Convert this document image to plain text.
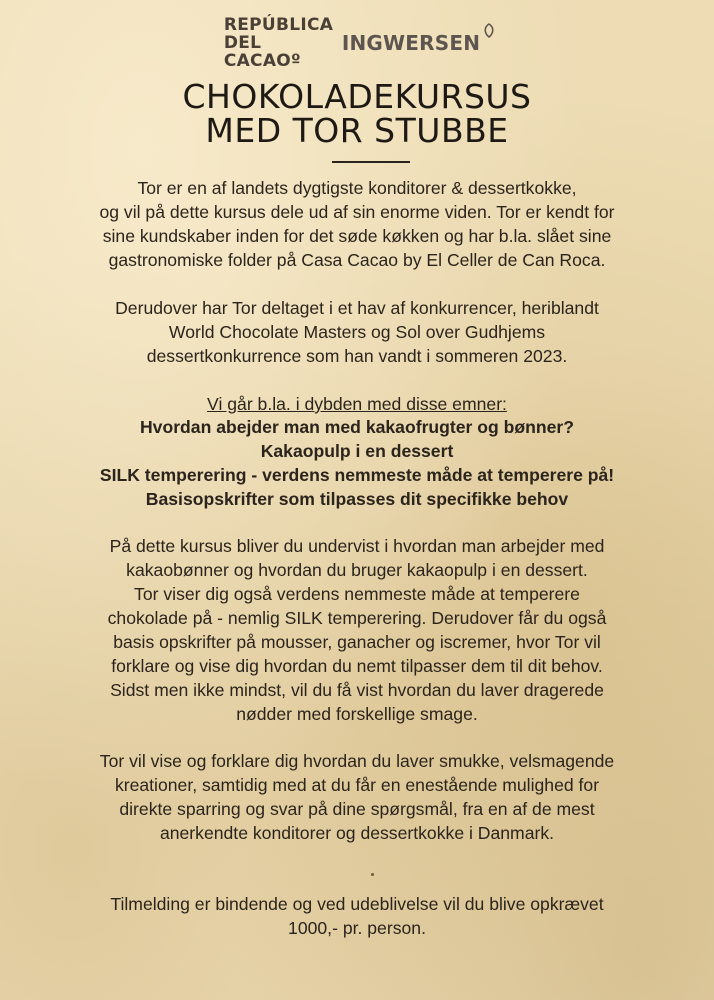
REPÚBLICA
DEL CACAOº
INGWERSEN
CHOKOLADEKURSUS
MED TOR STUBBE
Tor er en af landets dygtigste konditorer & dessertkokke,
og vil på dette kursus dele ud af sin enorme viden. Tor er kendt for
sine kundskaber inden for det søde køkken og har b.la. slået sine
gastronomiske folder på Casa Cacao by El Celler de Can Roca.
Derudover har Tor deltaget i et hav af konkurrencer, heriblandt
World Chocolate Masters og Sol over Gudhjems
dessertkonkurrence som han vandt i sommeren 2023.
Vi går b.la. i dybden med disse emner:
Hvordan abejder man med kakaofrugter og bønner?
Kakaopulp i en dessert
SILK temperering - verdens nemmeste måde at temperere på!
Basisopskrifter som tilpasses dit specifikke behov
På dette kursus bliver du undervist i hvordan man arbejder med
kakaobønner og hvordan du bruger kakaopulp i en dessert.
Tor viser dig også verdens nemmeste måde at temperere
chokolade på - nemlig SILK temperering. Derudover får du også
basis opskrifter på mousser, ganacher og iscremer, hvor Tor vil
forklare og vise dig hvordan du nemt tilpasser dem til dit behov.
Sidst men ikke mindst, vil du få vist hvordan du laver dragerede
nødder med forskellige smage.
Tor vil vise og forklare dig hvordan du laver smukke, velsmagende
kreationer, samtidig med at du får en enestående mulighed for
direkte sparring og svar på dine spørgsmål, fra en af de mest
anerkendte konditorer og dessertkokke i Danmark.
Tilmelding er bindende og ved udeblivelse vil du blive opkrævet
1000,- pr. person.
